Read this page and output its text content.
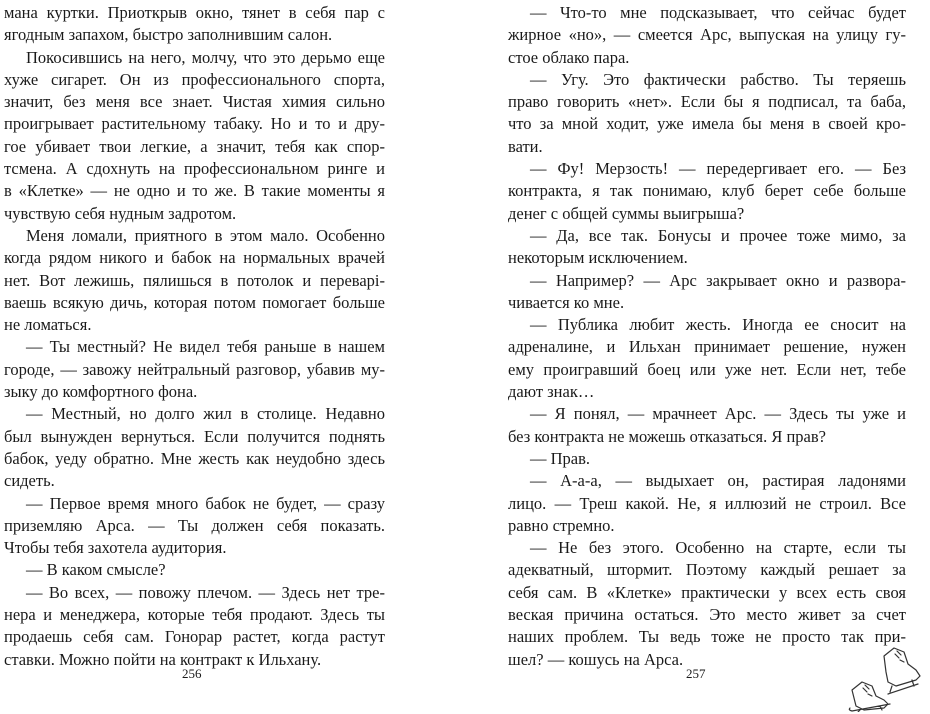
мана куртки. Приоткрыв окно, тянет в себя пар с
ягодным запахом, быстро заполнившим салон.
Покосившись на него, молчу, что это дерьмо еще
хуже сигарет. Он из профессионального спорта,
значит, без меня все знает. Чистая химия сильно
проигрывает растительному табаку. Но и то и дру-
гое убивает твои легкие, а значит, тебя как спор-
тсмена. А сдохнуть на профессиональном ринге и
в «Клетке» — не одно и то же. В такие моменты я
чувствую себя нудным задротом.
Меня ломали, приятного в этом мало. Особенно
когда рядом никого и бабок на нормальных врачей
нет. Вот лежишь, пялишься в потолок и переварi-
ваешь всякую дичь, которая потом помогает больше
не ломаться.
— Ты местный? Не видел тебя раньше в нашем
городе, — завожу нейтральный разговор, убавив му-
зыку до комфортного фона.
— Местный, но долго жил в столице. Недавно
был вынужден вернуться. Если получится поднять
бабок, уеду обратно. Мне жесть как неудобно здесь
сидеть.
— Первое время много бабок не будет, — сразу
приземляю Арса. — Ты должен себя показать.
Чтобы тебя захотела аудитория.
— В каком смысле?
— Во всех, — повожу плечом. — Здесь нет тре-
нера и менеджера, которые тебя продают. Здесь ты
продаешь себя сам. Гонорар растет, когда растут
ставки. Можно пойти на контракт к Ильхану.
256
— Что-то мне подсказывает, что сейчас будет
жирное «но», — смеется Арс, выпуская на улицу гу-
стое облако пара.
— Угу. Это фактически рабство. Ты теряешь
право говорить «нет». Если бы я подписал, та баба,
что за мной ходит, уже имела бы меня в своей кро-
вати.
— Фу! Мерзость! — передергивает его. — Без
контракта, я так понимаю, клуб берет себе больше
денег с общей суммы выигрыша?
— Да, все так. Бонусы и прочее тоже мимо, за
некоторым исключением.
— Например? — Арс закрывает окно и развора-
чивается ко мне.
— Публика любит жесть. Иногда ее сносит на
адреналине, и Ильхан принимает решение, нужен
ему проигравший боец или уже нет. Если нет, тебе
дают знак…
— Я понял, — мрачнеет Арс. — Здесь ты уже и
без контракта не можешь отказаться. Я прав?
— Прав.
— А-а-а, — выдыхает он, растирая ладонями
лицо. — Треш какой. Не, я иллюзий не строил. Все
равно стремно.
— Не без этого. Особенно на старте, если ты
адекватный, штормит. Поэтому каждый решает за
себя сам. В «Клетке» практически у всех есть своя
веская причина остаться. Это место живет за счет
наших проблем. Ты ведь тоже не просто так при-
шел? — кошусь на Арса.
257
